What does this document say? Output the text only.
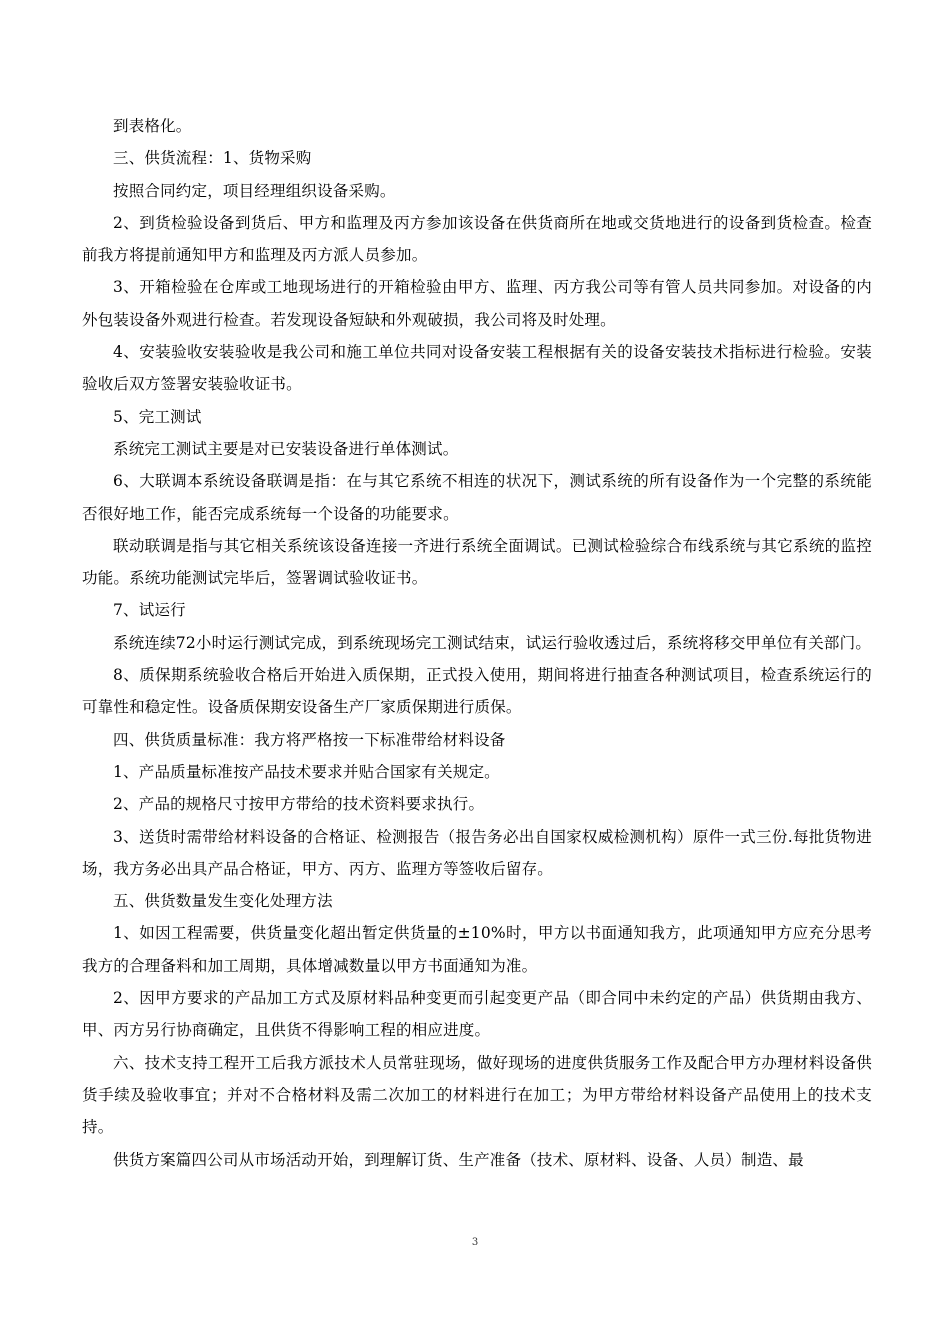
到表格化。

三、供货流程：1、货物采购

按照合同约定，项目经理组织设备采购。

2、到货检验设备到货后、甲方和监理及丙方参加该设备在供货商所在地或交货地进行的设备到货检查。检查前我方将提前通知甲方和监理及丙方派人员参加。

3、开箱检验在仓库或工地现场进行的开箱检验由甲方、监理、丙方我公司等有管人员共同参加。对设备的内外包装设备外观进行检查。若发现设备短缺和外观破损，我公司将及时处理。

4、安装验收安装验收是我公司和施工单位共同对设备安装工程根据有关的设备安装技术指标进行检验。安装验收后双方签署安装验收证书。

5、完工测试

系统完工测试主要是对已安装设备进行单体测试。

6、大联调本系统设备联调是指：在与其它系统不相连的状况下，测试系统的所有设备作为一个完整的系统能否很好地工作，能否完成系统每一个设备的功能要求。

联动联调是指与其它相关系统该设备连接一齐进行系统全面调试。已测试检验综合布线系统与其它系统的监控功能。系统功能测试完毕后，签署调试验收证书。

7、试运行

系统连续72小时运行测试完成，到系统现场完工测试结束，试运行验收透过后，系统将移交甲单位有关部门。

8、质保期系统验收合格后开始进入质保期，正式投入使用，期间将进行抽查各种测试项目，检查系统运行的可靠性和稳定性。设备质保期安设备生产厂家质保期进行质保。

四、供货质量标准：我方将严格按一下标准带给材料设备

1、产品质量标准按产品技术要求并贴合国家有关规定。

2、产品的规格尺寸按甲方带给的技术资料要求执行。

3、送货时需带给材料设备的合格证、检测报告（报告务必出自国家权威检测机构）原件一式三份.每批货物进场，我方务必出具产品合格证，甲方、丙方、监理方等签收后留存。

五、供货数量发生变化处理方法

1、如因工程需要，供货量变化超出暂定供货量的±10%时，甲方以书面通知我方，此项通知甲方应充分思考我方的合理备料和加工周期，具体增减数量以甲方书面通知为准。

2、因甲方要求的产品加工方式及原材料品种变更而引起变更产品（即合同中未约定的产品）供货期由我方、甲、丙方另行协商确定，且供货不得影响工程的相应进度。

六、技术支持工程开工后我方派技术人员常驻现场，做好现场的进度供货服务工作及配合甲方办理材料设备供货手续及验收事宜；并对不合格材料及需二次加工的材料进行在加工；为甲方带给材料设备产品使用上的技术支持。

供货方案篇四公司从市场活动开始，到理解订货、生产准备（技术、原材料、设备、人员）制造、最

3
